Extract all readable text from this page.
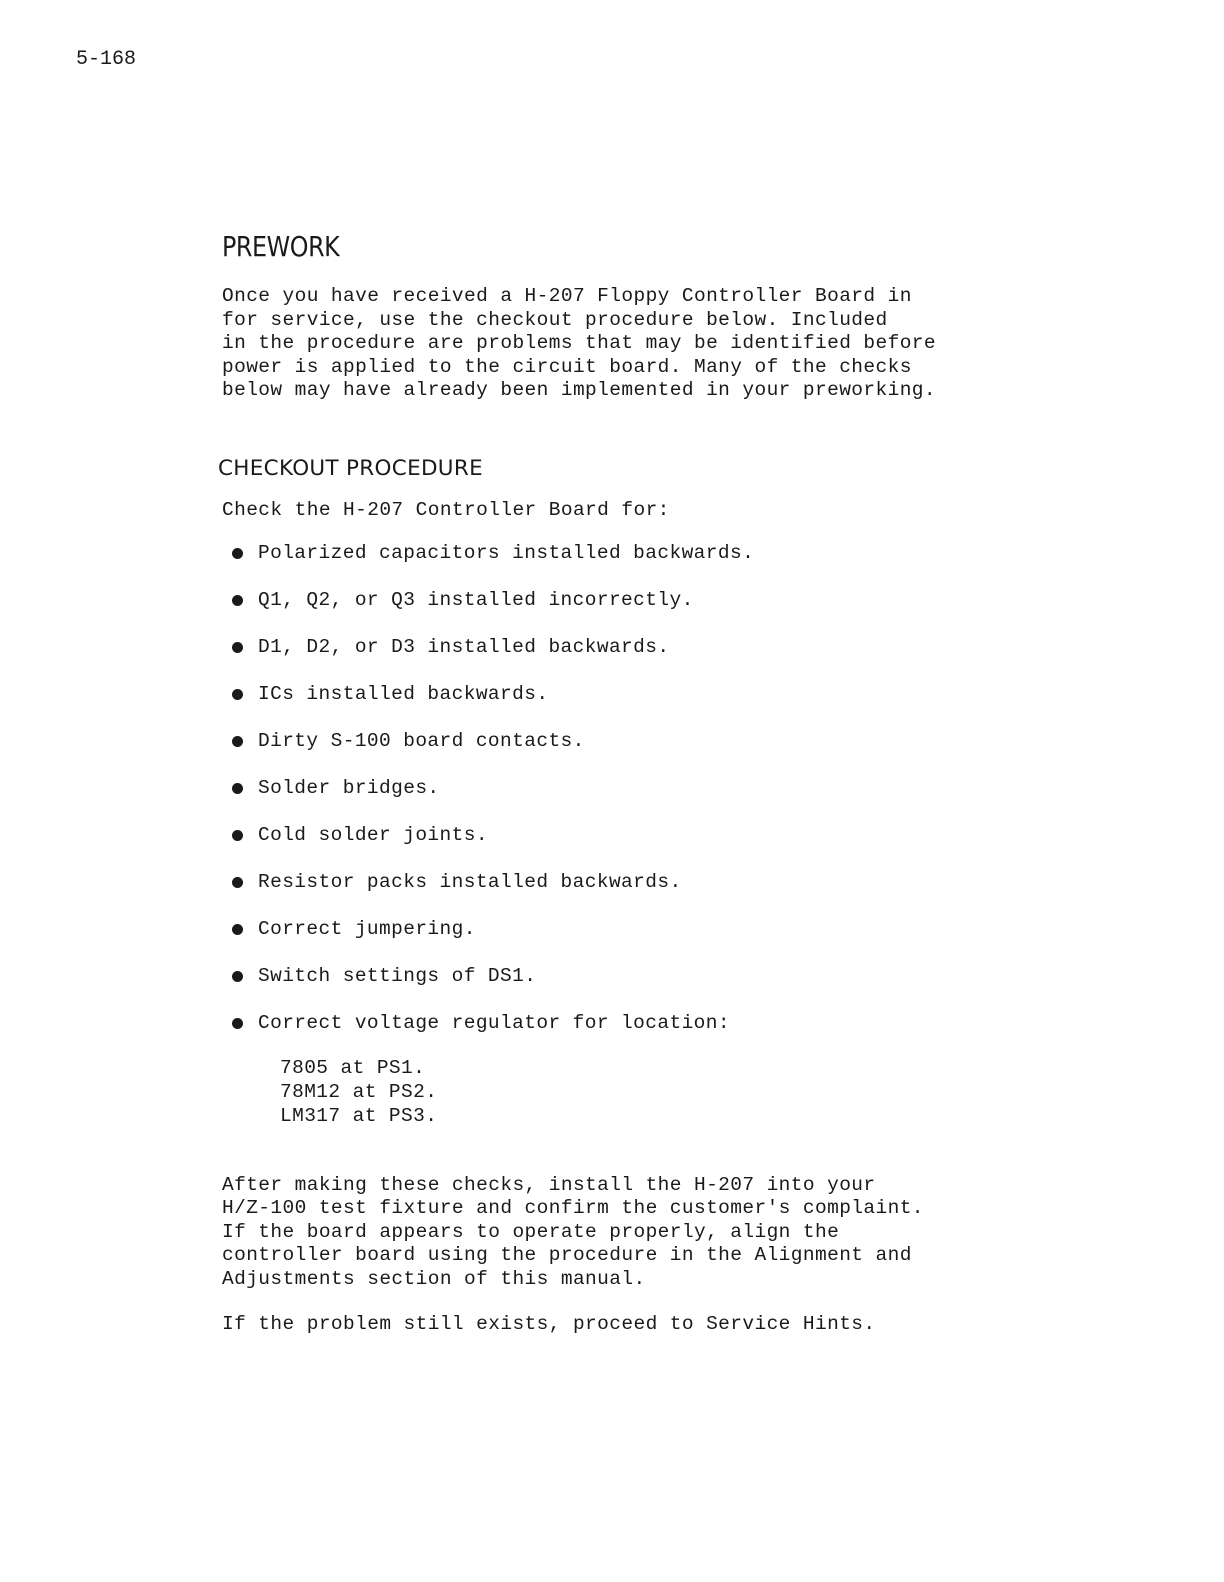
5-168
PREWORK

Once you have received a H-207 Floppy Controller Board in
for service, use the checkout procedure below. Included
in the procedure are problems that may be identified before
power is applied to the circuit board. Many of the checks
below may have already been implemented in your preworking.

CHECKOUT PROCEDURE

Check the H-207 Controller Board for:

Polarized capacitors installed backwards.
Q1, Q2, or Q3 installed incorrectly.
D1, D2, or D3 installed backwards.
ICs installed backwards.
Dirty S-100 board contacts.
Solder bridges.
Cold solder joints.
Resistor packs installed backwards.
Correct jumpering.
Switch settings of DS1.
Correct voltage regulator for location:
7805 at PS1.
78M12 at PS2.
LM317 at PS3.

After making these checks, install the H-207 into your
H/Z-100 test fixture and confirm the customer's complaint.
If the board appears to operate properly, align the
controller board using the procedure in the Alignment and
Adjustments section of this manual.

If the problem still exists, proceed to Service Hints.
